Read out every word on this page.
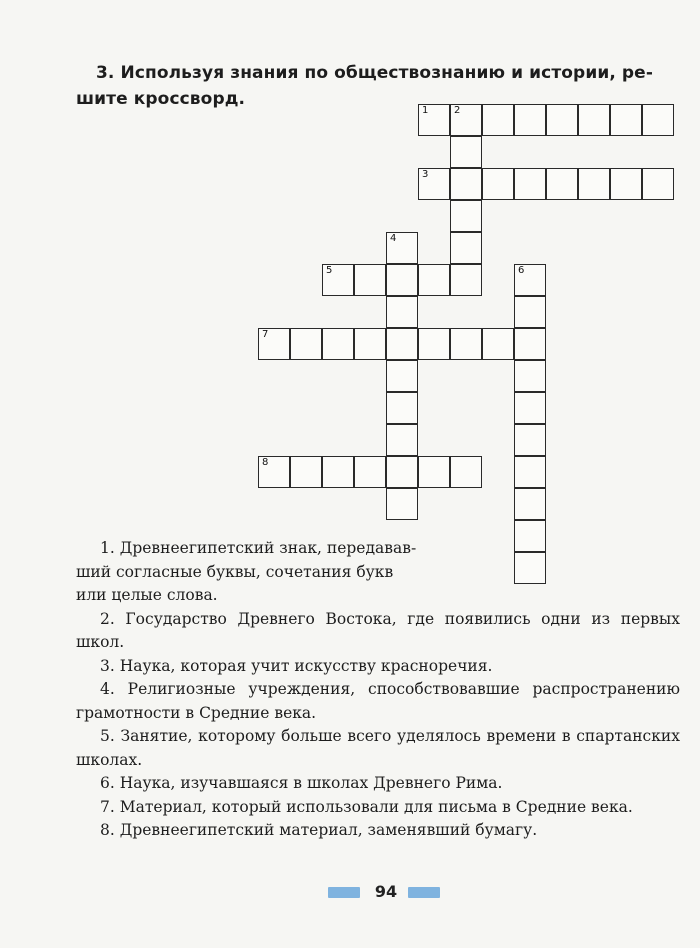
3. Используя знания по обществознанию и истории, ре-
шите кроссворд.
1	2
3
4
5	6
7
8

1. Древнеегипетский знак, передавав-

ший согласные буквы, сочетания букв

или целые слова.

2. Государство Древнего Востока, где появились одни из первых школ.

3. Наука, которая учит искусству красноречия.

4. Религиозные учреждения, способствовавшие распространению грамотности в Средние века.

5. Занятие, которому больше всего уделялось времени в спартанских школах.

6. Наука, изучавшаяся в школах Древнего Рима.

7. Материал, который использовали для письма в Средние века.

8. Древнеегипетский материал, заменявший бумагу.

94
